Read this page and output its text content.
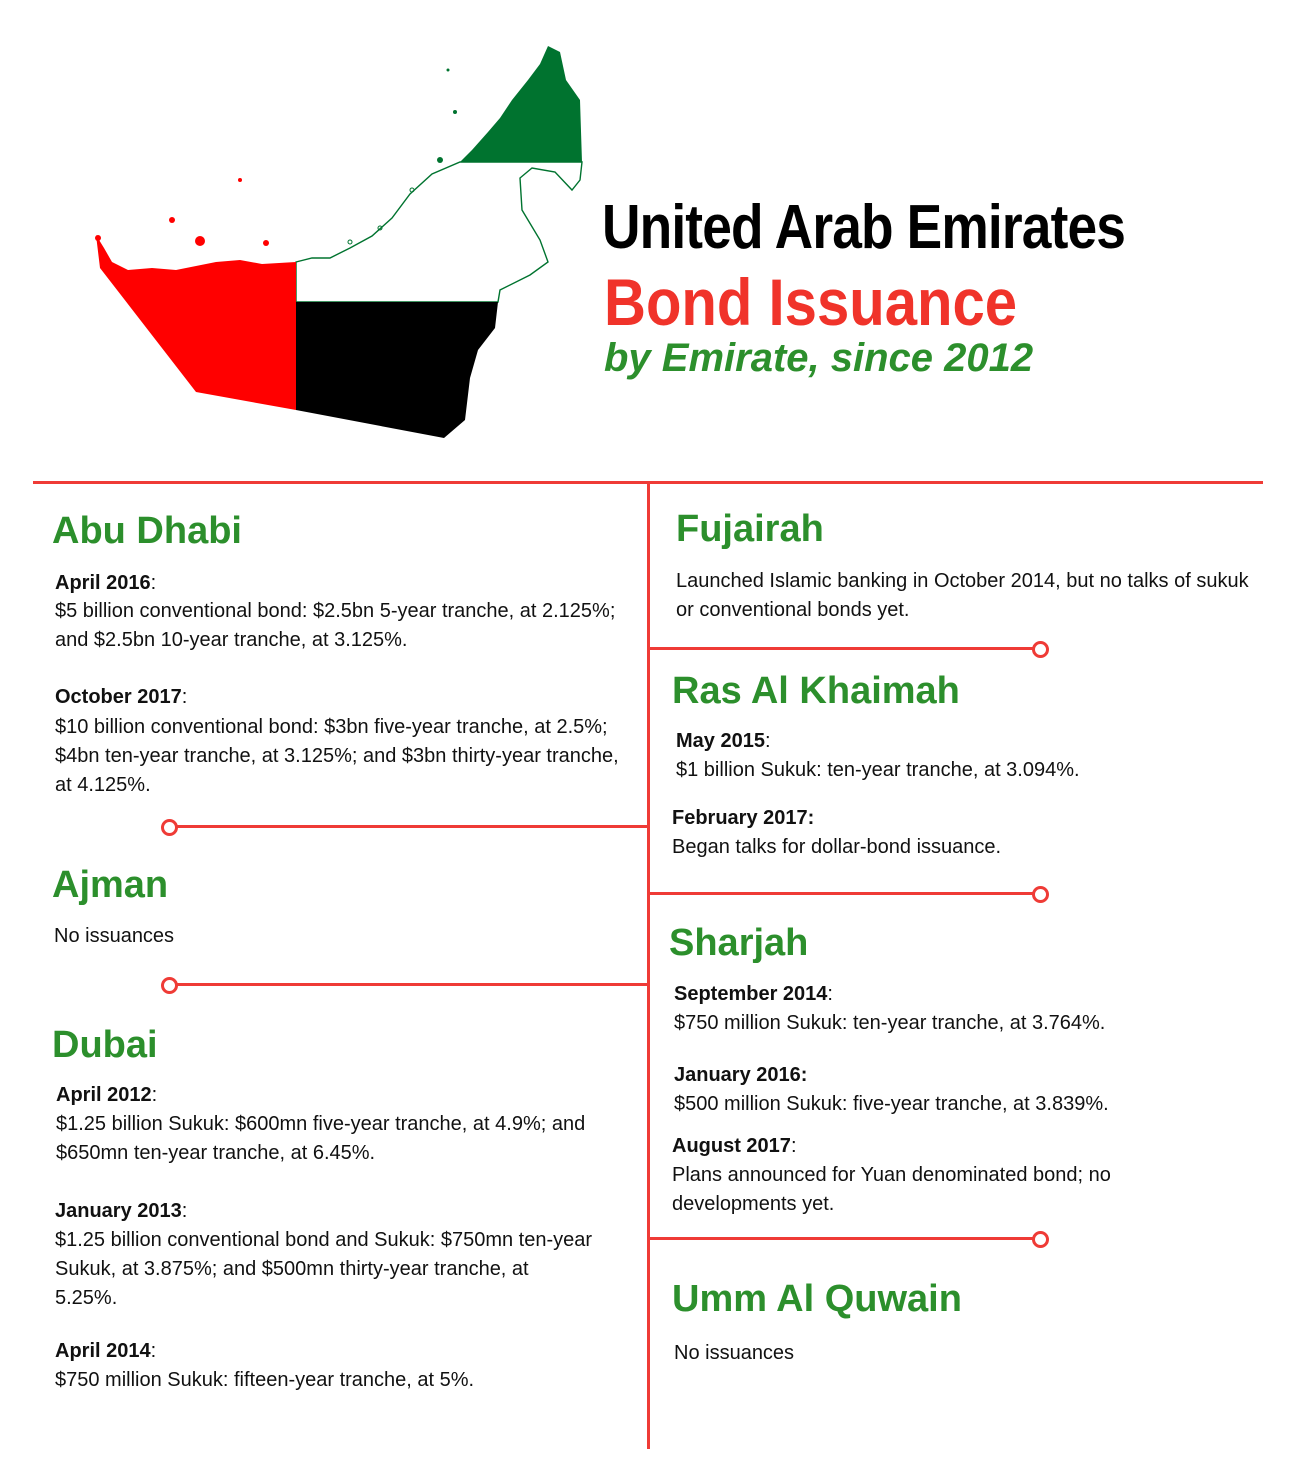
United Arab Emirates
Bond Issuance
by Emirate, since 2012
Abu Dhabi
April 2016:
$5 billion conventional bond: $2.5bn 5-year tranche, at 2.125%; and $2.5bn 10-year tranche, at 3.125%.
October 2017:
$10 billion conventional bond: $3bn five-year tranche, at 2.5%; $4bn ten-year tranche, at 3.125%; and $3bn thirty-year tranche, at 4.125%.
Ajman
No issuances
Dubai
April 2012:
$1.25 billion Sukuk: $600mn five-year tranche, at 4.9%; and $650mn ten-year tranche, at 6.45%.
January 2013:
$1.25 billion conventional bond and Sukuk: $750mn ten-year Sukuk, at 3.875%; and $500mn thirty-year tranche, at 5.25%.
April 2014:
$750 million Sukuk: fifteen-year tranche, at 5%.
Fujairah
Launched Islamic banking in October 2014, but no talks of sukuk or conventional bonds yet.
Ras Al Khaimah
May 2015:
$1 billion Sukuk: ten-year tranche, at 3.094%.
February 2017:
Began talks for dollar-bond issuance.
Sharjah
September 2014:
$750 million Sukuk: ten-year tranche, at 3.764%.
January 2016:
$500 million Sukuk: five-year tranche, at 3.839%.
August 2017:
Plans announced for Yuan denominated bond; no developments yet.
Umm Al Quwain
No issuances
